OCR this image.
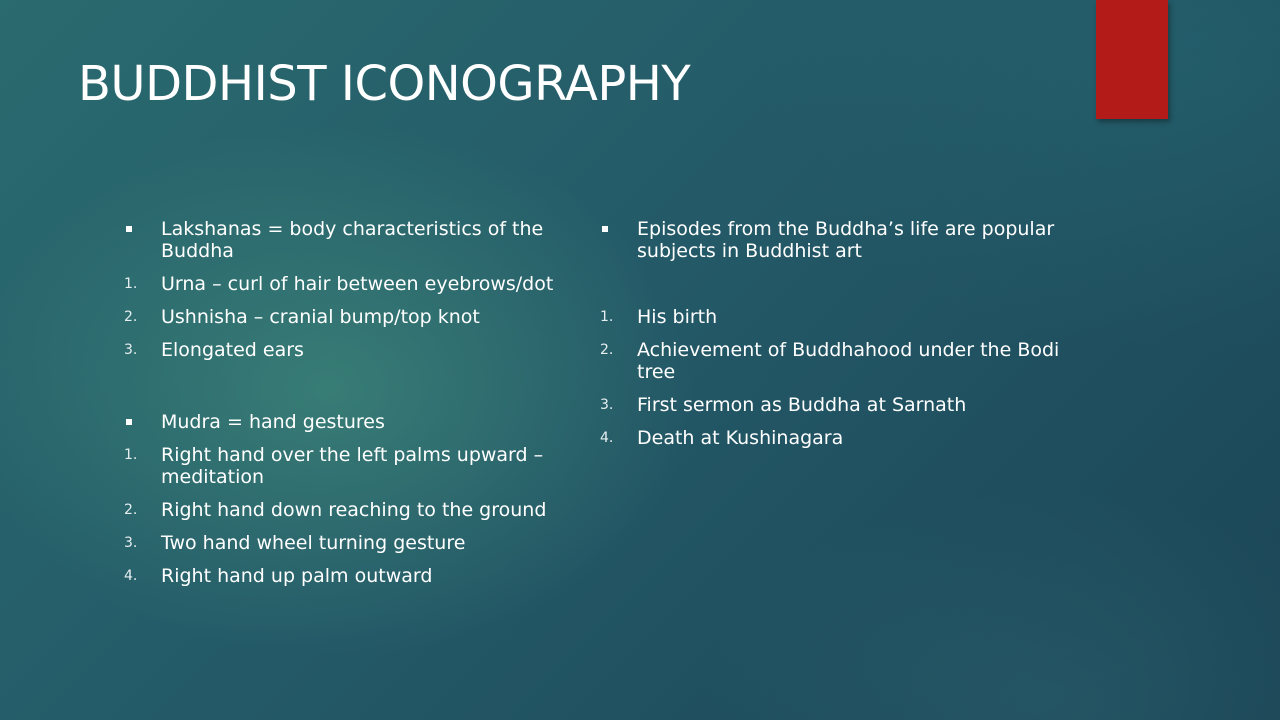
BUDDHIST ICONOGRAPHY
Lakshanas = body characteristics of the Buddha
1. Urna – curl of hair between eyebrows/dot
2. Ushnisha – cranial bump/top knot
3. Elongated ears
Mudra = hand gestures
1. Right hand over the left palms upward – meditation
2. Right hand down reaching to the ground
3. Two hand wheel turning gesture
4. Right hand up palm outward
Episodes from the Buddha’s life are popular subjects in Buddhist art
1. His birth
2. Achievement of Buddhahood under the Bodi tree
3. First sermon as Buddha at Sarnath
4. Death at Kushinagara
